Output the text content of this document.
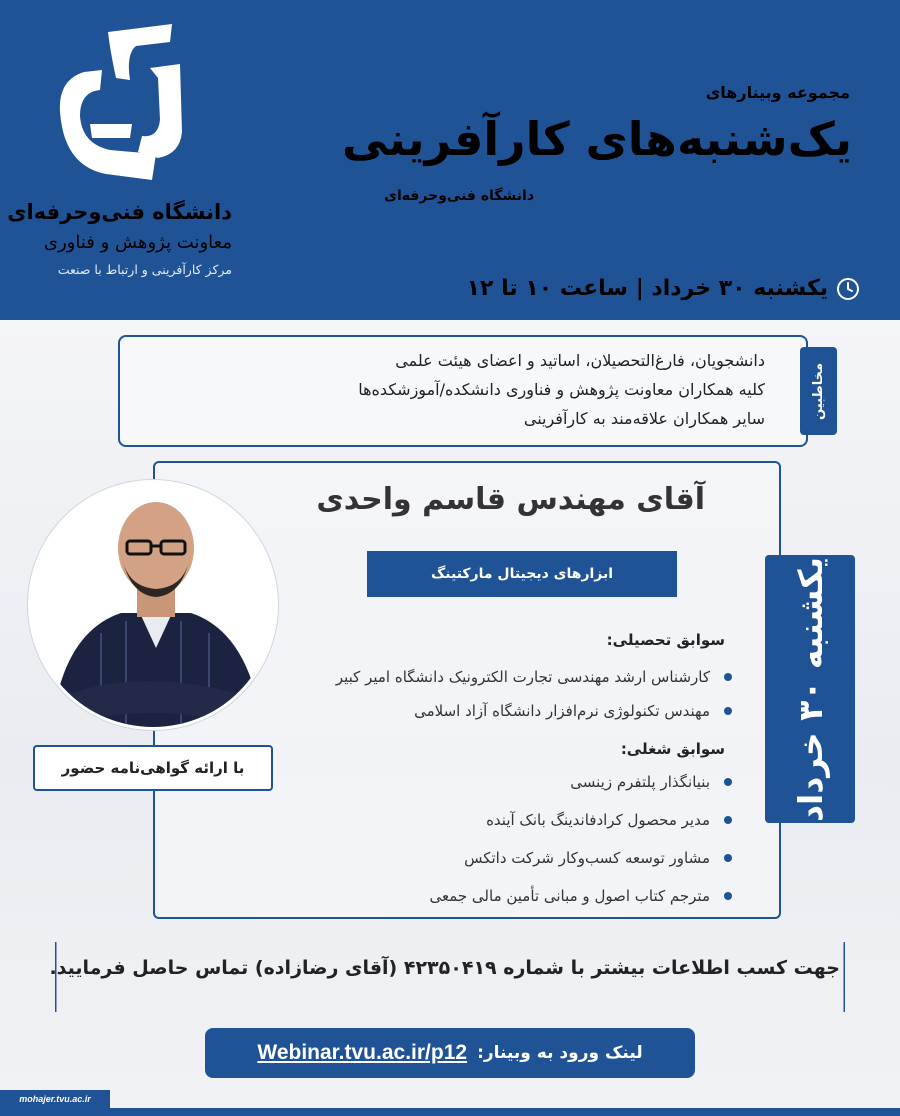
دانشگاه فنی‌وحرفه‌ای
معاونت پژوهش و فناوری
مرکز کارآفرینی و ارتباط با صنعت
مجموعه وبینارهای
یک‌شنبه‌های کارآفرینی
دانشگاه فنی‌وحرفه‌ای
یکشنبه ۳۰ خرداد | ساعت ۱۰ تا ۱۲
مخاطبین
دانشجویان، فارغ‌التحصیلان، اساتید و اعضای هیئت علمی
کلیه همکاران معاونت پژوهش و فناوری دانشکده/آموزشکده‌ها
سایر همکاران علاقه‌مند به کارآفرینی
آقای مهندس قاسم واحدی
ابزارهای دیجیتال مارکتینگ
یکشنبه ۳۰ خرداد
سوابق تحصیلی:
کارشناس ارشد مهندسی تجارت الکترونیک دانشگاه امیر کبیر
مهندس تکنولوژی نرم‌افزار دانشگاه آزاد اسلامی
سوابق شغلی:
بنیانگذار پلتفرم زینسی
مدیر محصول کرادفاندینگ بانک آینده
مشاور توسعه کسب‌وکار شرکت داتکس
مترجم کتاب اصول و مبانی تأمین مالی جمعی
با ارائه گواهی‌نامه حضور
جهت کسب اطلاعات بیشتر با شماره ۴۲۳۵۰۴۱۹ (آقای رضازاده) تماس حاصل فرمایید.
لینک ورود به وبینار:
Webinar.tvu.ac.ir/p12
mohajer.tvu.ac.ir
